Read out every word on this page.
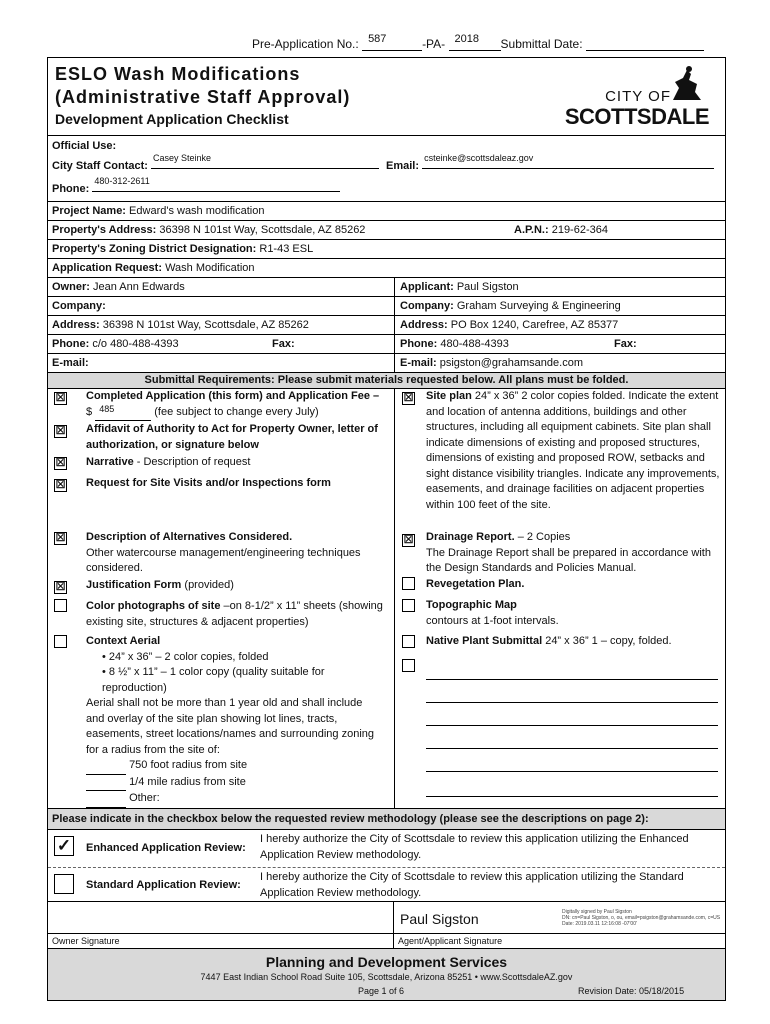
Pre-Application No.: 587	-PA- 2018 Submittal Date:
ESLO Wash Modifications
(Administrative Staff Approval)
Development Application Checklist
CITY OF
SCOTTSDALE
Official Use:
City Staff Contact:
Casey Steinke
Email:
csteinke@scottsdaleaz.gov
Phone:
480-312-2611
Project Name: Edward's wash modification
Property's Address: 36398 N 101st Way, Scottsdale, AZ 85262	A.P.N.: 219-62-364
Property's Zoning District Designation: R1-43 ESL
Application Request: Wash Modification
Owner: Jean Ann Edwards	Applicant: Paul Sigston
Company:	Company: Graham Surveying & Engineering
Address: 36398 N 101st Way, Scottsdale, AZ 85262	Address: PO Box 1240, Carefree, AZ 85377
Phone: c/o 480-488-4393	Fax:	Phone: 480-488-4393	Fax:
E-mail:	E-mail: psigston@grahamsande.com
Submittal Requirements: Please submit materials requested below. All plans must be folded.
☒ Completed Application (this form) and Application Fee –
$ 485	(fee subject to change every July)
☒ Affidavit of Authority to Act for Property Owner, letter of authorization, or signature below
☒ Narrative - Description of request
☒ Request for Site Visits and/or Inspections form
☒ Description of Alternatives Considered.
Other watercourse management/engineering techniques considered.
☒ Justification Form (provided)
Color photographs of site –on 8-1/2” x 11” sheets (showing existing site, structures & adjacent properties)
Context Aerial
• 24” x 36” – 2 color copies, folded
• 8 ½” x 11” – 1 color copy (quality suitable for reproduction)
Aerial shall not be more than 1 year old and shall include and overlay of the site plan showing lot lines, tracts, easements, street locations/names and surrounding zoning for a radius from the site of:
750 foot radius from site
1/4 mile radius from site
Other:
☒ Site plan 24” x 36” 2 color copies folded. Indicate the extent and location of antenna additions, buildings and other structures, including all equipment cabinets. Site plan shall indicate dimensions of existing and proposed structures, dimensions of existing and proposed ROW, setbacks and sight distance visibility triangles. Indicate any improvements, easements, and drainage facilities on adjacent properties within 100 feet of the site.
☒ Drainage Report. – 2 Copies
The Drainage Report shall be prepared in accordance with the Design Standards and Policies Manual.
Revegetation Plan.
Topographic Map
contours at 1-foot intervals.
Native Plant Submittal 24” x 36” 1 – copy, folded.
Please indicate in the checkbox below the requested review methodology (please see the descriptions on page 2):
✓ Enhanced Application Review:
I hereby authorize the City of Scottsdale to review this application utilizing the Enhanced Application Review methodology.
Standard Application Review:
I hereby authorize the City of Scottsdale to review this application utilizing the Standard Application Review methodology.
Owner Signature
Paul Sigston	Digitally signed by Paul Sigston
DN: cn=Paul Sigston, o, ou, email=psigston@grahamsande.com, c=US
Date: 2019.03.11 12:16:08 -07'00'
Agent/Applicant Signature
Planning and Development Services
7447 East Indian School Road Suite 105, Scottsdale, Arizona 85251 • www.ScottsdaleAZ.gov
Page 1 of 6	Revision Date: 05/18/2015
